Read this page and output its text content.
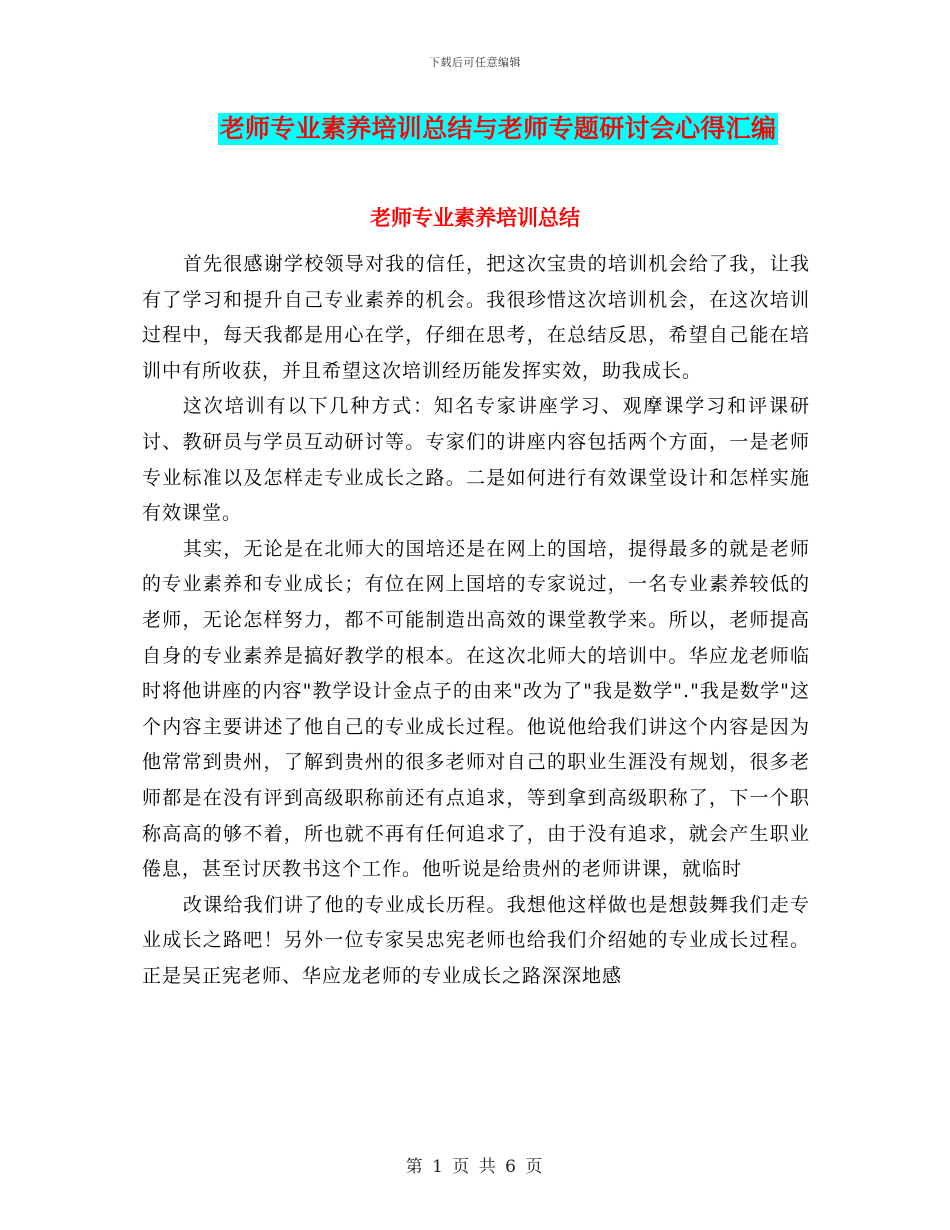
下载后可任意编辑
老师专业素养培训总结与老师专题研讨会心得汇编
老师专业素养培训总结

首先很感谢学校领导对我的信任，把这次宝贵的培训机会给了我，让我有了学习和提升自己专业素养的机会。我很珍惜这次培训机会，在这次培训过程中，每天我都是用心在学，仔细在思考，在总结反思，希望自己能在培训中有所收获，并且希望这次培训经历能发挥实效，助我成长。

这次培训有以下几种方式：知名专家讲座学习、观摩课学习和评课研讨、教研员与学员互动研讨等。专家们的讲座内容包括两个方面，一是老师专业标准以及怎样走专业成长之路。二是如何进行有效课堂设计和怎样实施有效课堂。

其实，无论是在北师大的国培还是在网上的国培，提得最多的就是老师的专业素养和专业成长；有位在网上国培的专家说过，一名专业素养较低的老师，无论怎样努力，都不可能制造出高效的课堂教学来。所以，老师提高自身的专业素养是搞好教学的根本。在这次北师大的培训中。华应龙老师临时将他讲座的内容"教学设计金点子的由来"改为了"我是数学"."我是数学"这个内容主要讲述了他自己的专业成长过程。他说他给我们讲这个内容是因为他常常到贵州，了解到贵州的很多老师对自己的职业生涯没有规划，很多老师都是在没有评到高级职称前还有点追求，等到拿到高级职称了，下一个职称高高的够不着，所也就不再有任何追求了，由于没有追求，就会产生职业倦息，甚至讨厌教书这个工作。他听说是给贵州的老师讲课，就临时

改课给我们讲了他的专业成长历程。我想他这样做也是想鼓舞我们走专业成长之路吧！另外一位专家吴忠宪老师也给我们介绍她的专业成长过程。正是吴正宪老师、华应龙老师的专业成长之路深深地感

第 1 页 共 6 页
